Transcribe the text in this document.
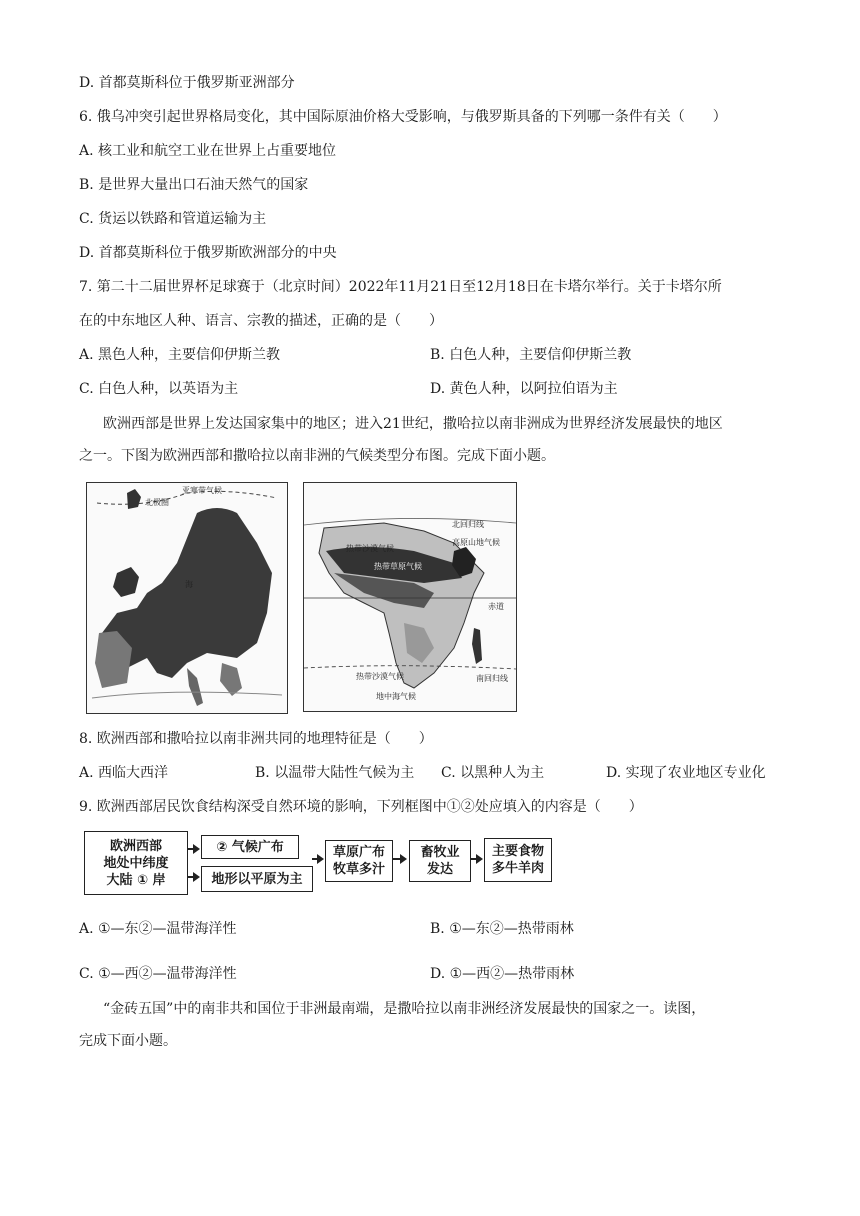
D. 首都莫斯科位于俄罗斯亚洲部分
6. 俄乌冲突引起世界格局变化，其中国际原油价格大受影响，与俄罗斯具备的下列哪一条件有关（　　）
A. 核工业和航空工业在世界上占重要地位
B. 是世界大量出口石油天然气的国家
C. 货运以铁路和管道运输为主
D. 首都莫斯科位于俄罗斯欧洲部分的中央
7. 第二十二届世界杯足球赛于（北京时间）2022年11月21日至12月18日在卡塔尔举行。关于卡塔尔所
在的中东地区人种、语言、宗教的描述，正确的是（　　）
A. 黑色人种，主要信仰伊斯兰教	B. 白色人种，主要信仰伊斯兰教
C. 白色人种，以英语为主	D. 黄色人种，以阿拉伯语为主
欧洲西部是世界上发达国家集中的地区；进入21世纪，撒哈拉以南非洲成为世界经济发展最快的地区
之一。下图为欧洲西部和撒哈拉以南非洲的气候类型分布图。完成下面小题。
亚寒带气候
北极圈
海
北回归线
热带沙漠气候
高原山地气候
热带草原气候
赤道
热带沙漠气候	南回归线
地中海气候
8. 欧洲西部和撒哈拉以南非洲共同的地理特征是（　　）
A. 西临大西洋	B. 以温带大陆性气候为主 C. 以黑种人为主	D. 实现了农业地区专业化
9. 欧洲西部居民饮食结构深受自然环境的影响，下列框图中①②处应填入的内容是（　　）
欧洲西部
地处中纬度
大陆 ① 岸
② 气候广布
地形以平原为主
草原广布
牧草多汁
畜牧业
发达
主要食物
多牛羊肉
A. ①—东②—温带海洋性	B. ①—东②—热带雨林
C. ①—西②—温带海洋性	D. ①—西②—热带雨林
“金砖五国”中的南非共和国位于非洲最南端，是撒哈拉以南非洲经济发展最快的国家之一。读图，
完成下面小题。
